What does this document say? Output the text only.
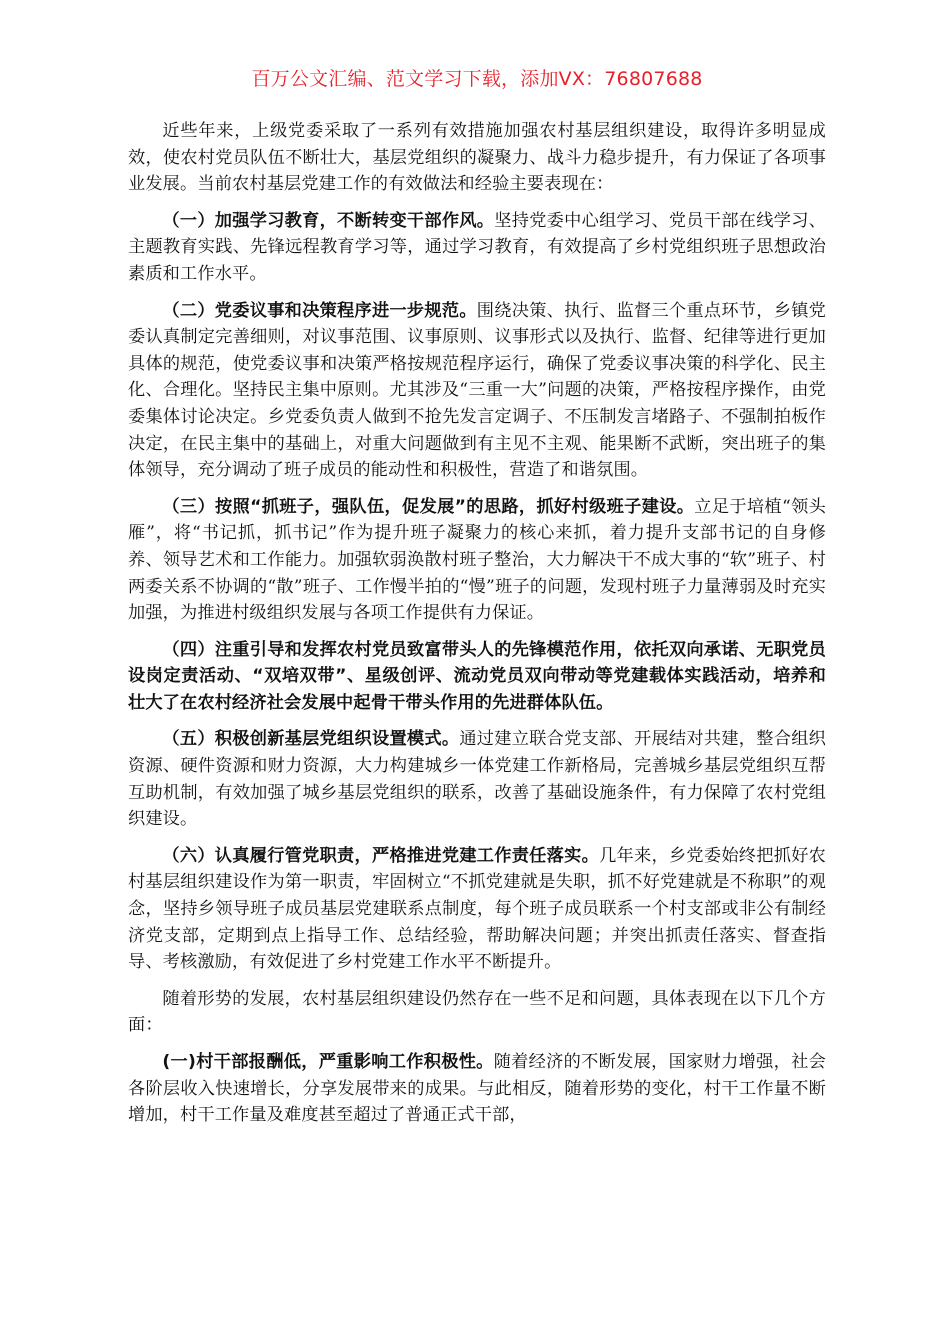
百万公文汇编、范文学习下载，添加VX：76807688

近些年来，上级党委采取了一系列有效措施加强农村基层组织建设，取得许多明显成效，使农村党员队伍不断壮大，基层党组织的凝聚力、战斗力稳步提升，有力保证了各项事业发展。当前农村基层党建工作的有效做法和经验主要表现在：

（一）加强学习教育，不断转变干部作风。坚持党委中心组学习、党员干部在线学习、主题教育实践、先锋远程教育学习等，通过学习教育，有效提高了乡村党组织班子思想政治素质和工作水平。

（二）党委议事和决策程序进一步规范。围绕决策、执行、监督三个重点环节，乡镇党委认真制定完善细则，对议事范围、议事原则、议事形式以及执行、监督、纪律等进行更加具体的规范，使党委议事和决策严格按规范程序运行，确保了党委议事决策的科学化、民主化、合理化。坚持民主集中原则。尤其涉及“三重一大”问题的决策，严格按程序操作，由党委集体讨论决定。乡党委负责人做到不抢先发言定调子、不压制发言堵路子、不强制拍板作决定，在民主集中的基础上，对重大问题做到有主见不主观、能果断不武断，突出班子的集体领导，充分调动了班子成员的能动性和积极性，营造了和谐氛围。

（三）按照“抓班子，强队伍，促发展”的思路，抓好村级班子建设。立足于培植“领头雁”，将“书记抓，抓书记”作为提升班子凝聚力的核心来抓，着力提升支部书记的自身修养、领导艺术和工作能力。加强软弱涣散村班子整治，大力解决干不成大事的“软”班子、村两委关系不协调的“散”班子、工作慢半拍的“慢”班子的问题，发现村班子力量薄弱及时充实加强，为推进村级组织发展与各项工作提供有力保证。

（四）注重引导和发挥农村党员致富带头人的先锋模范作用，依托双向承诺、无职党员设岗定责活动、“双培双带”、星级创评、流动党员双向带动等党建载体实践活动，培养和壮大了在农村经济社会发展中起骨干带头作用的先进群体队伍。

（五）积极创新基层党组织设置模式。通过建立联合党支部、开展结对共建，整合组织资源、硬件资源和财力资源，大力构建城乡一体党建工作新格局，完善城乡基层党组织互帮互助机制，有效加强了城乡基层党组织的联系，改善了基础设施条件，有力保障了农村党组织建设。

（六）认真履行管党职责，严格推进党建工作责任落实。几年来，乡党委始终把抓好农村基层组织建设作为第一职责，牢固树立“不抓党建就是失职，抓不好党建就是不称职”的观念，坚持乡领导班子成员基层党建联系点制度，每个班子成员联系一个村支部或非公有制经济党支部，定期到点上指导工作、总结经验，帮助解决问题；并突出抓责任落实、督查指导、考核激励，有效促进了乡村党建工作水平不断提升。

随着形势的发展，农村基层组织建设仍然存在一些不足和问题，具体表现在以下几个方面：

(一)村干部报酬低，严重影响工作积极性。随着经济的不断发展，国家财力增强，社会各阶层收入快速增长，分享发展带来的成果。与此相反，随着形势的变化，村干工作量不断增加，村干工作量及难度甚至超过了普通正式干部，
